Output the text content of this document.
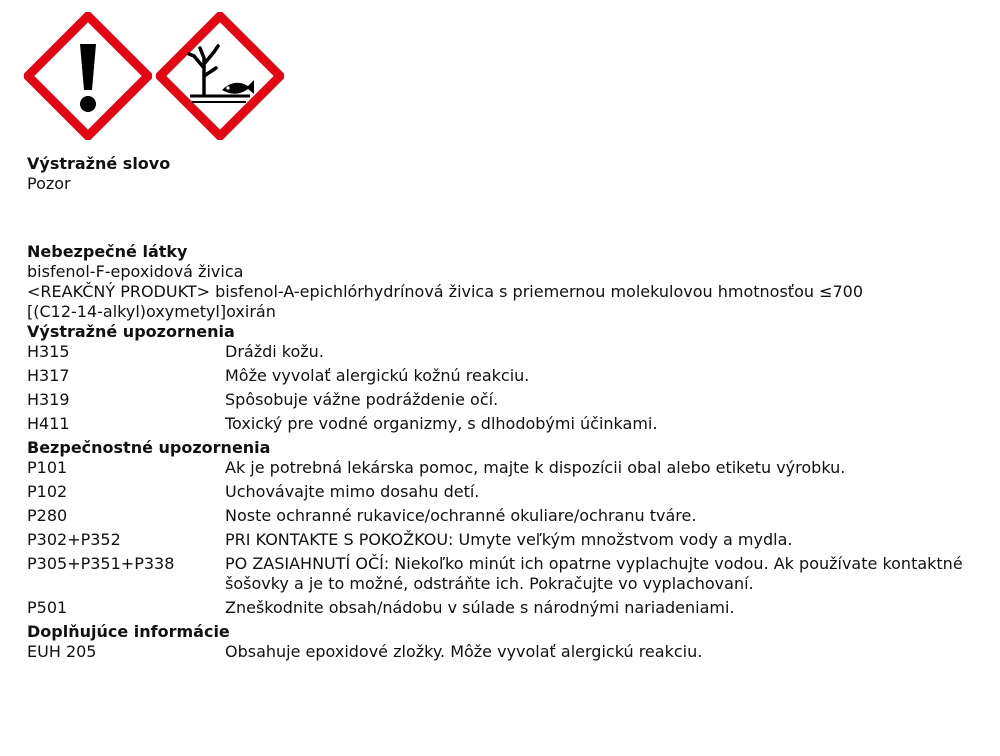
Výstražné slovo
Pozor
Nebezpečné látky
bisfenol-F-epoxidová živica
<REAKČNÝ PRODUKT> bisfenol-A-epichlórhydrínová živica s priemernou molekulovou hmotnosťou ≤700
[(C12-14-alkyl)oxymetyl]oxirán
Výstražné upozornenia
H315	Dráždi kožu.
H317	Môže vyvolať alergickú kožnú reakciu.
H319	Spôsobuje vážne podráždenie očí.
H411	Toxický pre vodné organizmy, s dlhodobými účinkami.
Bezpečnostné upozornenia
P101	Ak je potrebná lekárska pomoc, majte k dispozícii obal alebo etiketu výrobku.
P102	Uchovávajte mimo dosahu detí.
P280	Noste ochranné rukavice/ochranné okuliare/ochranu tváre.
P302+P352	PRI KONTAKTE S POKOŽKOU: Umyte veľkým množstvom vody a mydla.
P305+P351+P338	PO ZASIAHNUTÍ OČÍ: Niekoľko minút ich opatrne vyplachujte vodou. Ak používate kontaktné šošovky a je to možné, odstráňte ich. Pokračujte vo vyplachovaní.
P501	Zneškodnite obsah/nádobu v súlade s národnými nariadeniami.
Doplňujúce informácie
EUH 205	Obsahuje epoxidové zložky. Môže vyvolať alergickú reakciu.
